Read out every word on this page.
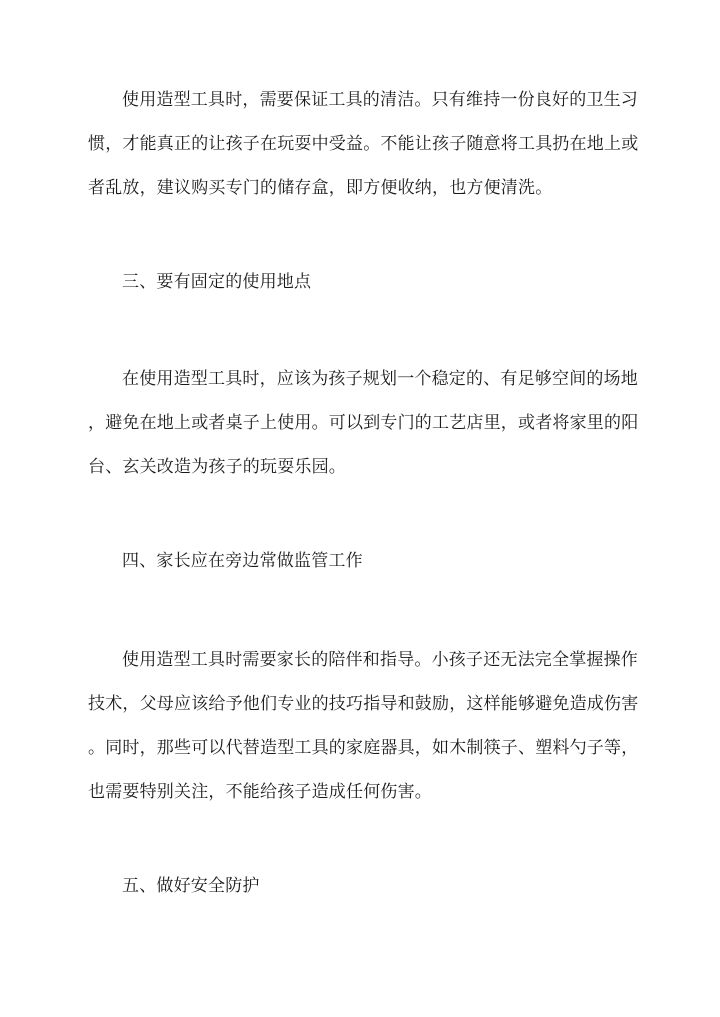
使用造型工具时，需要保证工具的清洁。只有维持一份良好的卫生习
惯，才能真正的让孩子在玩耍中受益。不能让孩子随意将工具扔在地上或
者乱放，建议购买专门的储存盒，即方便收纳，也方便清洗。
三、要有固定的使用地点
在使用造型工具时，应该为孩子规划一个稳定的、有足够空间的场地
，避免在地上或者桌子上使用。可以到专门的工艺店里，或者将家里的阳
台、玄关改造为孩子的玩耍乐园。
四、家长应在旁边常做监管工作
使用造型工具时需要家长的陪伴和指导。小孩子还无法完全掌握操作
技术，父母应该给予他们专业的技巧指导和鼓励，这样能够避免造成伤害
。同时，那些可以代替造型工具的家庭器具，如木制筷子、塑料勺子等，
也需要特别关注，不能给孩子造成任何伤害。
五、做好安全防护
